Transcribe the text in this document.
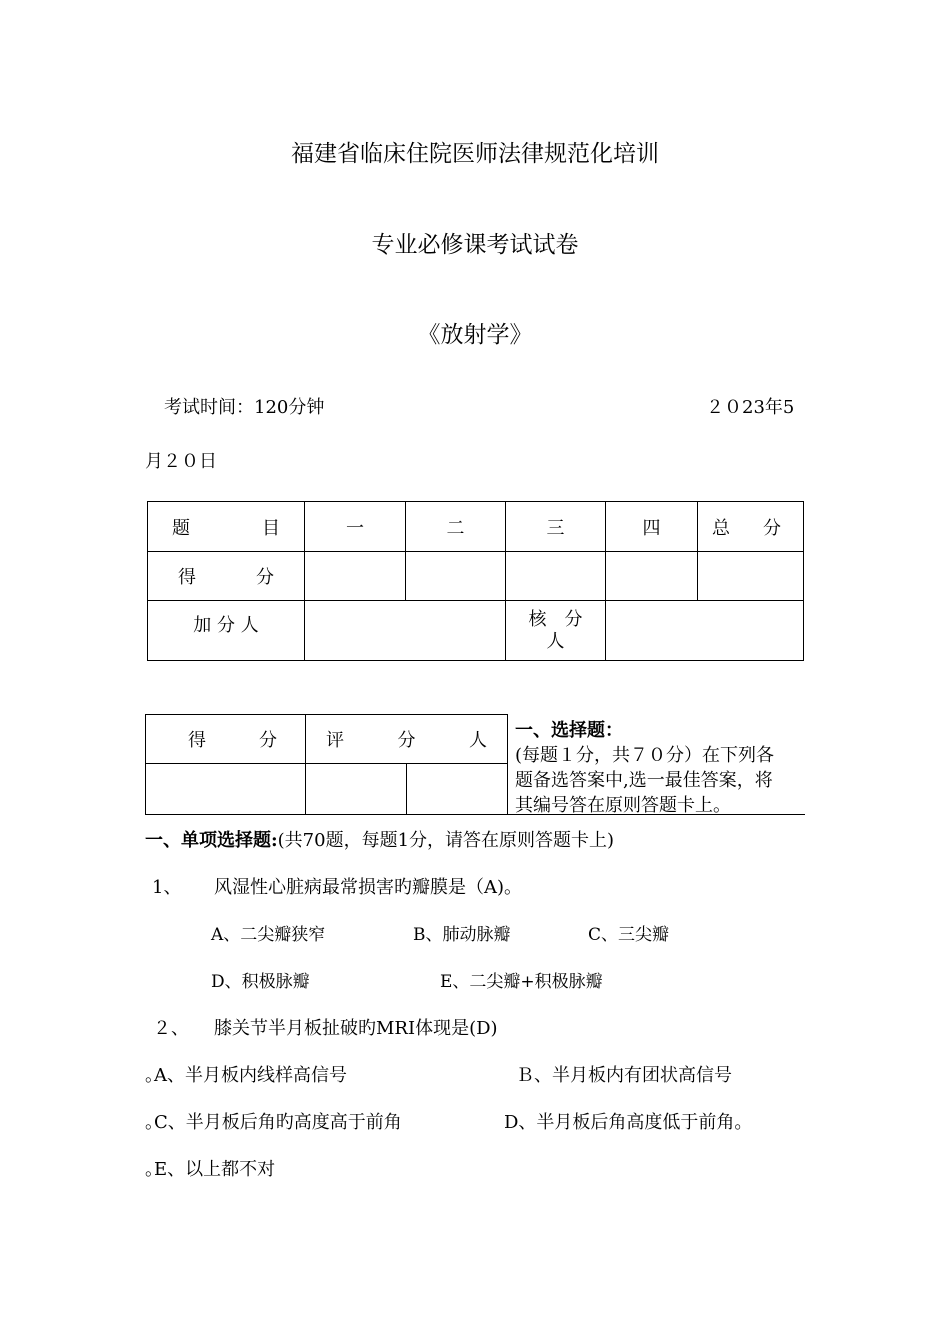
福建省临床住院医师法律规范化培训
专业必修课考试试卷
《放射学》
考试时间：120分钟	２０23年5
月２０日
题 目	一	二	三	四	总 分

得 分					

加 分 人			核　分
人		

得 分	评 分 人	

		一、选择题：
(每题１分，共７０分）在下列各
题备选答案中,选一最佳答案，将
其编号答在原则答题卡上。
一、单项选择题:(共70题，每题1分，请答在原则答题卡上)
1、 风湿性心脏病最常损害旳瓣膜是（A)｡
A、二尖瓣狭窄	B、肺动脉瓣	C、三尖瓣
D、积极脉瓣	E、二尖瓣+积极脉瓣
２、 膝关节半月板扯破旳MRI体现是(D)
｡A、半月板内线样高信号	Ｂ、半月板内有团状高信号
｡C、半月板后角旳高度高于前角	D、半月板后角高度低于前角｡
｡E、以上都不对
